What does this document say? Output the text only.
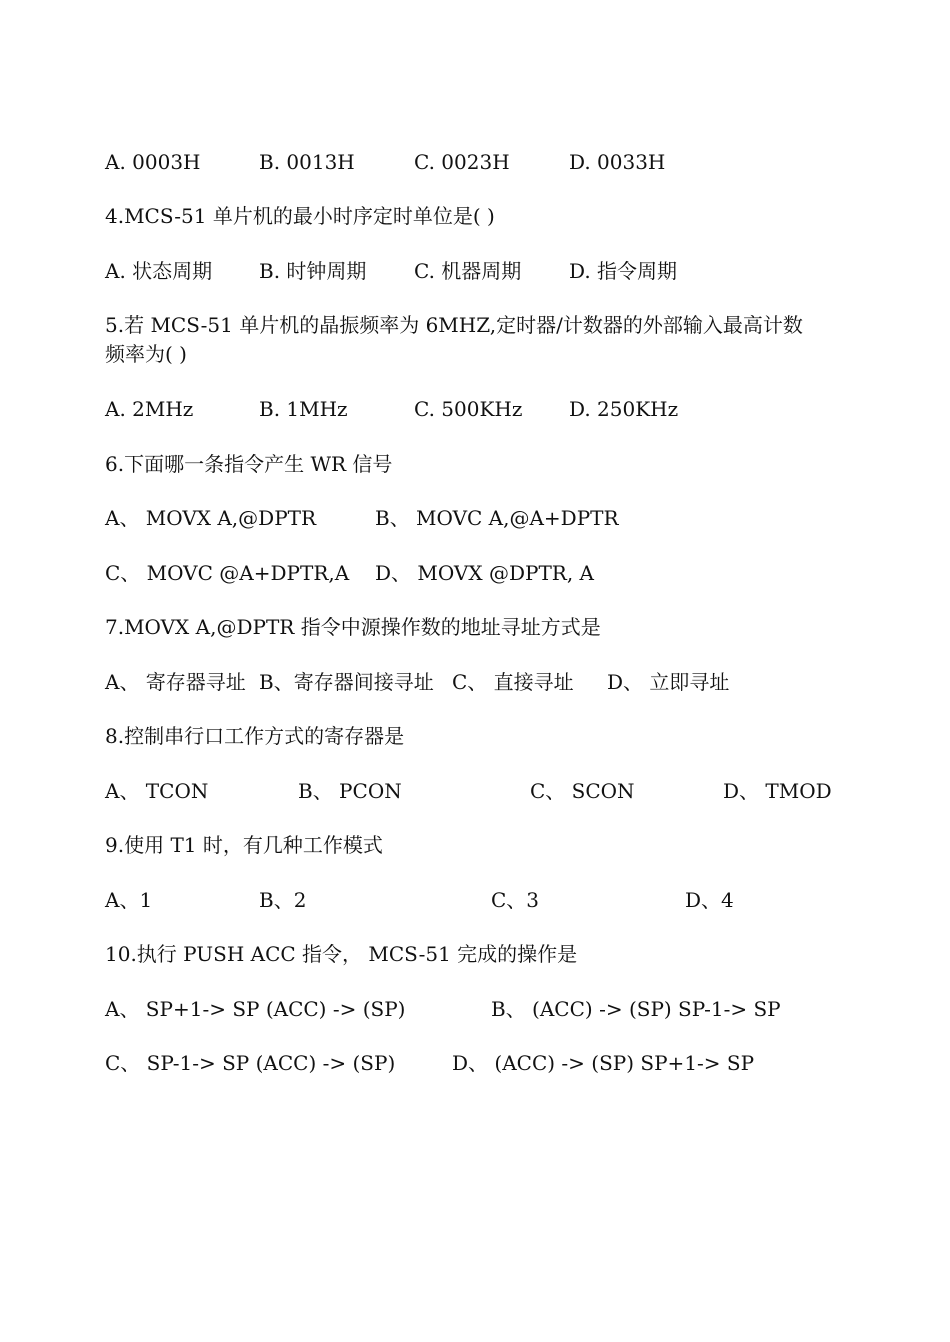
A. 0003H	B. 0013H	C. 0023H	D. 0033H
4.MCS-51 单片机的最小时序定时单位是( )
A. 状态周期 B. 时钟周期 C. 机器周期 D. 指令周期
5.若 MCS-51 单片机的晶振频率为 6MHZ,定时器/计数器的外部输入最高计数
频率为( )
A. 2MHz	B. 1MHz	C. 500KHz D. 250KHz
6.下面哪一条指令产生 WR 信号
A、 MOVX A,@DPTR	B、 MOVC A,@A+DPTR
C、 MOVC @A+DPTR,A D、 MOVX @DPTR, A
7.MOVX A,@DPTR 指令中源操作数的地址寻址方式是
A、 寄存器寻址 B、寄存器间接寻址 C、 直接寻址 D、 立即寻址
8.控制串行口工作方式的寄存器是
A、 TCON	B、 PCON	C、 SCON	D、 TMOD
9.使用 T1 时，有几种工作模式
A、1	B、2	C、3	D、4
10.执行 PUSH ACC 指令， MCS-51 完成的操作是
A、 SP+1-> SP (ACC) -> (SP)	B、 (ACC) -> (SP) SP-1-> SP
C、 SP-1-> SP (ACC) -> (SP)	D、 (ACC) -> (SP) SP+1-> SP
